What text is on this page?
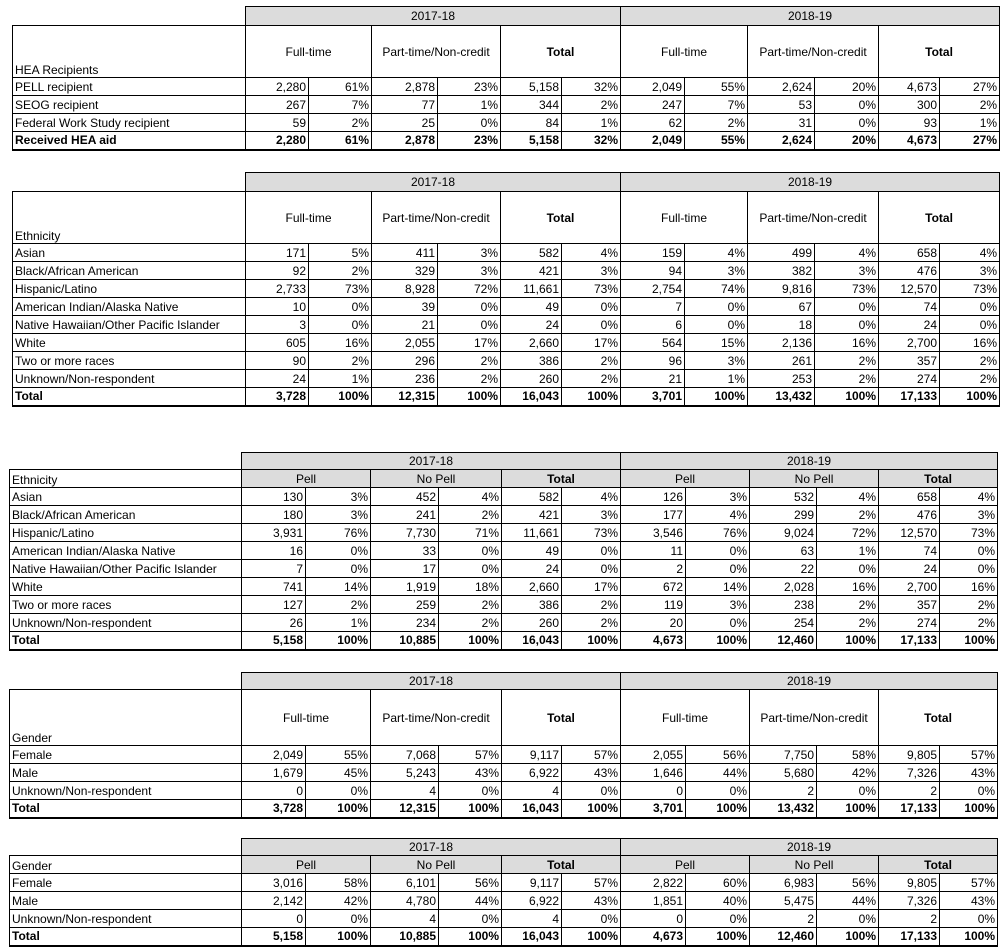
	2017-18						2018-19					
HEA Recipients	Full-time		Part-time/Non-credit		Total		Full-time		Part-time/Non-credit		Total	
PELL recipient	2,280	61%	2,878	23%	5,158	32%	2,049	55%	2,624	20%	4,673	27%
SEOG recipient	267	7%	77	1%	344	2%	247	7%	53	0%	300	2%
Federal Work Study recipient	59	2%	25	0%	84	1%	62	2%	31	0%	93	1%
Received HEA aid	2,280	61%	2,878	23%	5,158	32%	2,049	55%	2,624	20%	4,673	27%
	2017-18						2018-19					
Ethnicity	Full-time		Part-time/Non-credit		Total		Full-time		Part-time/Non-credit		Total	
Asian	171	5%	411	3%	582	4%	159	4%	499	4%	658	4%
Black/African American	92	2%	329	3%	421	3%	94	3%	382	3%	476	3%
Hispanic/Latino	2,733	73%	8,928	72%	11,661	73%	2,754	74%	9,816	73%	12,570	73%
American Indian/Alaska Native	10	0%	39	0%	49	0%	7	0%	67	0%	74	0%
Native Hawaiian/Other Pacific Islander	3	0%	21	0%	24	0%	6	0%	18	0%	24	0%
White	605	16%	2,055	17%	2,660	17%	564	15%	2,136	16%	2,700	16%
Two or more races	90	2%	296	2%	386	2%	96	3%	261	2%	357	2%
Unknown/Non-respondent	24	1%	236	2%	260	2%	21	1%	253	2%	274	2%
Total	3,728	100%	12,315	100%	16,043	100%	3,701	100%	13,432	100%	17,133	100%
	2017-18						2018-19					
Ethnicity	Pell		No Pell		Total		Pell		No Pell		Total	
Asian	130	3%	452	4%	582	4%	126	3%	532	4%	658	4%
Black/African American	180	3%	241	2%	421	3%	177	4%	299	2%	476	3%
Hispanic/Latino	3,931	76%	7,730	71%	11,661	73%	3,546	76%	9,024	72%	12,570	73%
American Indian/Alaska Native	16	0%	33	0%	49	0%	11	0%	63	1%	74	0%
Native Hawaiian/Other Pacific Islander	7	0%	17	0%	24	0%	2	0%	22	0%	24	0%
White	741	14%	1,919	18%	2,660	17%	672	14%	2,028	16%	2,700	16%
Two or more races	127	2%	259	2%	386	2%	119	3%	238	2%	357	2%
Unknown/Non-respondent	26	1%	234	2%	260	2%	20	0%	254	2%	274	2%
Total	5,158	100%	10,885	100%	16,043	100%	4,673	100%	12,460	100%	17,133	100%
	2017-18						2018-19					
Gender	Full-time		Part-time/Non-credit		Total		Full-time		Part-time/Non-credit		Total	
Female	2,049	55%	7,068	57%	9,117	57%	2,055	56%	7,750	58%	9,805	57%
Male	1,679	45%	5,243	43%	6,922	43%	1,646	44%	5,680	42%	7,326	43%
Unknown/Non-respondent	0	0%	4	0%	4	0%	0	0%	2	0%	2	0%
Total	3,728	100%	12,315	100%	16,043	100%	3,701	100%	13,432	100%	17,133	100%
	2017-18						2018-19					
Gender	Pell		No Pell		Total		Pell		No Pell		Total	
Female	3,016	58%	6,101	56%	9,117	57%	2,822	60%	6,983	56%	9,805	57%
Male	2,142	42%	4,780	44%	6,922	43%	1,851	40%	5,475	44%	7,326	43%
Unknown/Non-respondent	0	0%	4	0%	4	0%	0	0%	2	0%	2	0%
Total	5,158	100%	10,885	100%	16,043	100%	4,673	100%	12,460	100%	17,133	100%
